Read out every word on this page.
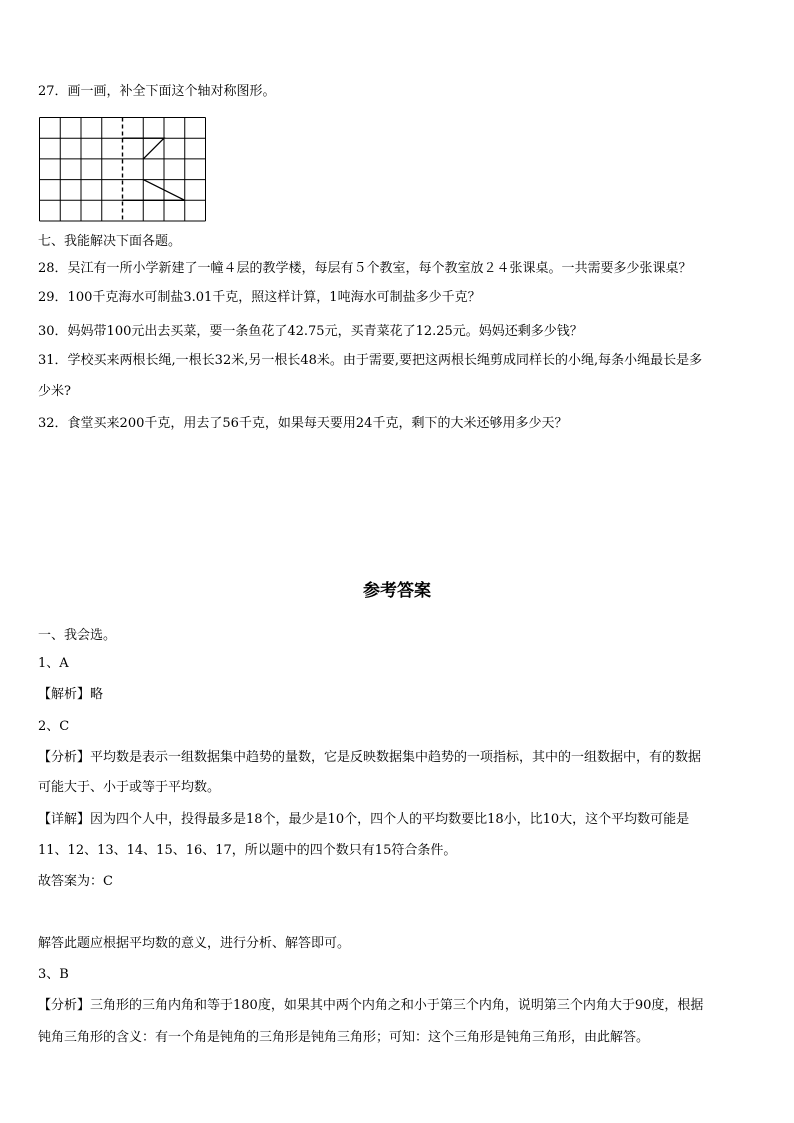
27．画一画，补全下面这个轴对称图形。
七、我能解决下面各题。
28．吴江有一所小学新建了一幢４层的教学楼，每层有５个教室，每个教室放２４张课桌。一共需要多少张课桌？
29．100千克海水可制盐3.01千克，照这样计算，1吨海水可制盐多少千克？
30．妈妈带100元出去买菜，要一条鱼花了42.75元，买青菜花了12.25元。妈妈还剩多少钱？
31．学校买来两根长绳,一根长32米,另一根长48米。由于需要,要把这两根长绳剪成同样长的小绳,每条小绳最长是多
少米?
32．食堂买来200千克，用去了56千克，如果每天要用24千克，剩下的大米还够用多少天？
参考答案
一、我会选。
1、A
【解析】略
2、C
【分析】平均数是表示一组数据集中趋势的量数，它是反映数据集中趋势的一项指标，其中的一组数据中，有的数据
可能大于、小于或等于平均数。
【详解】因为四个人中，投得最多是18个，最少是10个，四个人的平均数要比18小，比10大，这个平均数可能是
11、12、13、14、15、16、17，所以题中的四个数只有15符合条件。
故答案为：C
解答此题应根据平均数的意义，进行分析、解答即可。
3、B
【分析】三角形的三角内角和等于180度，如果其中两个内角之和小于第三个内角，说明第三个内角大于90度，根据
钝角三角形的含义：有一个角是钝角的三角形是钝角三角形；可知：这个三角形是钝角三角形，由此解答。
